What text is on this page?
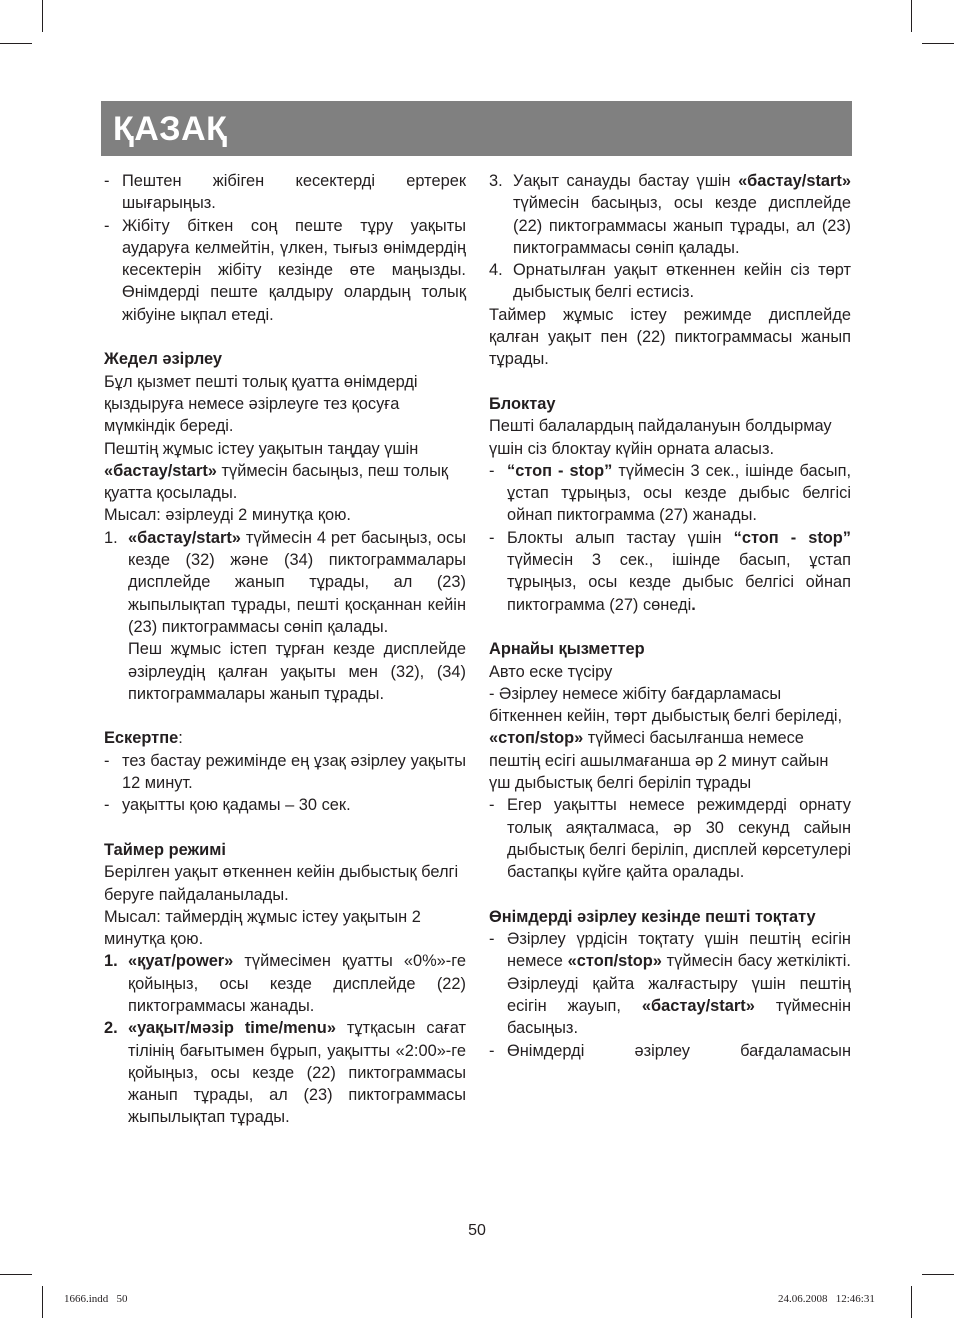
ҚАЗАҚ
- Пештен жібіген кесектерді ертерек шығарыңыз.
- Жібіту біткен соң пеште тұру уақыты аударуға келмейтін, үлкен, тығыз өнімдердің кесектерін жібіту кезінде өте маңызды. Өнімдерді пеште қалдыру олардың толық жібуіне ықпал етеді.
Жедел әзірлеу
Бұл қызмет пешті толық қуатта өнімдерді қыздыруға немесе әзірлеуге тез қосуға мүмкіндік береді.
Пештің жұмыс істеу уақытын таңдау үшін «бастау/start» түймесін басыңыз, пеш толық қуатта қосылады.
Мысал: әзірлеуді 2 минутқа қою.
1. «бастау/start» түймесін 4 рет басыңыз, осы кезде (32) және (34) пиктограммалары дисплейде жанып тұрады, ал (23) жыпылықтап тұрады, пешті қосқаннан кейін (23) пиктограммасы сөніп қалады.
Пеш жұмыс істеп тұрған кезде дисплейде әзірлеудің қалған уақыты мен (32), (34) пиктограммалары жанып тұрады.
Ескертпе:
- тез бастау режимінде ең ұзақ әзірлеу уақыты 12 минут.
- уақытты қою қадамы – 30 сек.
Таймер режимі
Берілген уақыт өткеннен кейін дыбыстық белгі беруге пайдаланылады.
Мысал: таймердің жұмыс істеу уақытын 2 минутқа қою.
1. «қуат/power» түймесімен қуатты «0%»-ге қойыңыз, осы кезде дисплейде (22) пиктограммасы жанады.
2. «уақыт/мәзір time/menu» тұтқасын сағат тілінің бағытымен бұрып, уақытты «2:00»-ге қойыңыз, осы кезде (22) пиктограммасы жанып тұрады, ал (23) пиктограммасы жыпылықтап тұрады.
3. Уақыт санауды бастау үшін «бастау/start» түймесін басыңыз, осы кезде дисплейде (22) пиктограммасы жанып тұрады, ал (23) пиктограммасы сөніп қалады.
4. Орнатылған уақыт өткеннен кейін сіз төрт дыбыстық белгі естисіз.
Таймер жұмыс істеу режимде дисплейде қалған уақыт пен (22) пиктограммасы жанып тұрады.
Блоктау
Пешті балалардың пайдалануын болдырмау үшін сіз блоктау күйін орната аласыз.
- “стоп - stop” түймесін 3 сек., ішінде басып, ұстап тұрыңыз, осы кезде дыбыс белгісі ойнап пиктограмма (27) жанады.
- Блокты алып тастау үшін “стоп - stop” түймесін 3 сек., ішінде басып, ұстап тұрыңыз, осы кезде дыбыс белгісі ойнап пиктограмма (27) сөнеді.
Арнайы қызметтер
Авто еске түсіру
- Әзірлеу немесе жібіту бағдарламасы біткеннен кейін, төрт дыбыстық белгі беріледі, «стоп/stop» түймесі басылғанша немесе пештің есігі ашылмағанша әр 2 минут сайын үш дыбыстық белгі беріліп тұрады
- Егер уақытты немесе режимдерді орнату толық аяқталмаса, әр 30 секунд сайын дыбыстық белгі беріліп, дисплей көрсетулері бастапқы күйге қайта оралады.
Өнімдерді әзірлеу кезінде пешті тоқтату
- Әзірлеу үрдісін тоқтату үшін пештің есігін немесе «стоп/stop» түймесін басу жеткілікті. Әзірлеуді қайта жалғастыру үшін пештің есігін жауып, «бастау/start» түймеснін басыңыз.
- Өнімдерді әзірлеу бағдаламасын
50
1666.indd   50	24.06.2008   12:46:31
